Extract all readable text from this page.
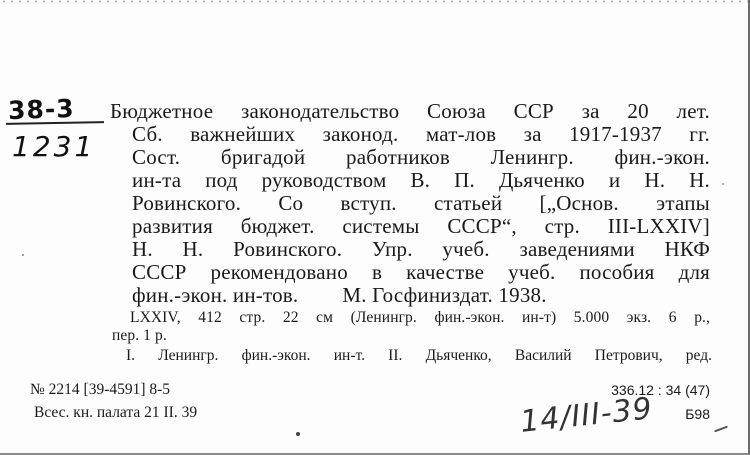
38-3
1231
Бюджетное законодательство Союза ССР за 20 лет.
Сб. важнейших законод. мат-лов за 1917-1937 гг.
Сост. бригадой работников Ленингр. фин.-экон.
ин-та под руководством В. П. Дьяченко и Н. Н.
Ровинского. Со вступ. статьей [„Основ. этапы
развития бюджет. системы СССР“, стр. III-LXXIV]
Н. Н. Ровинского. Упр. учеб. заведениями НКФ
СССР рекомендовано в качестве учеб. пособия для
фин.-экон. ин-тов. М. Госфиниздат. 1938.
LXXIV, 412 стр. 22 см (Ленингр. фин.-экон. ин-т) 5.000 экз. 6 р.,
пер. 1 р.
I. Ленингр. фин.-экон. ин-т. II. Дьяченко, Василий Петрович, ред.
№ 2214 [39-4591] 8-5
Всес. кн. палата 21 II. 39
336.12 : 34 (47)
Б98
14/III-39
